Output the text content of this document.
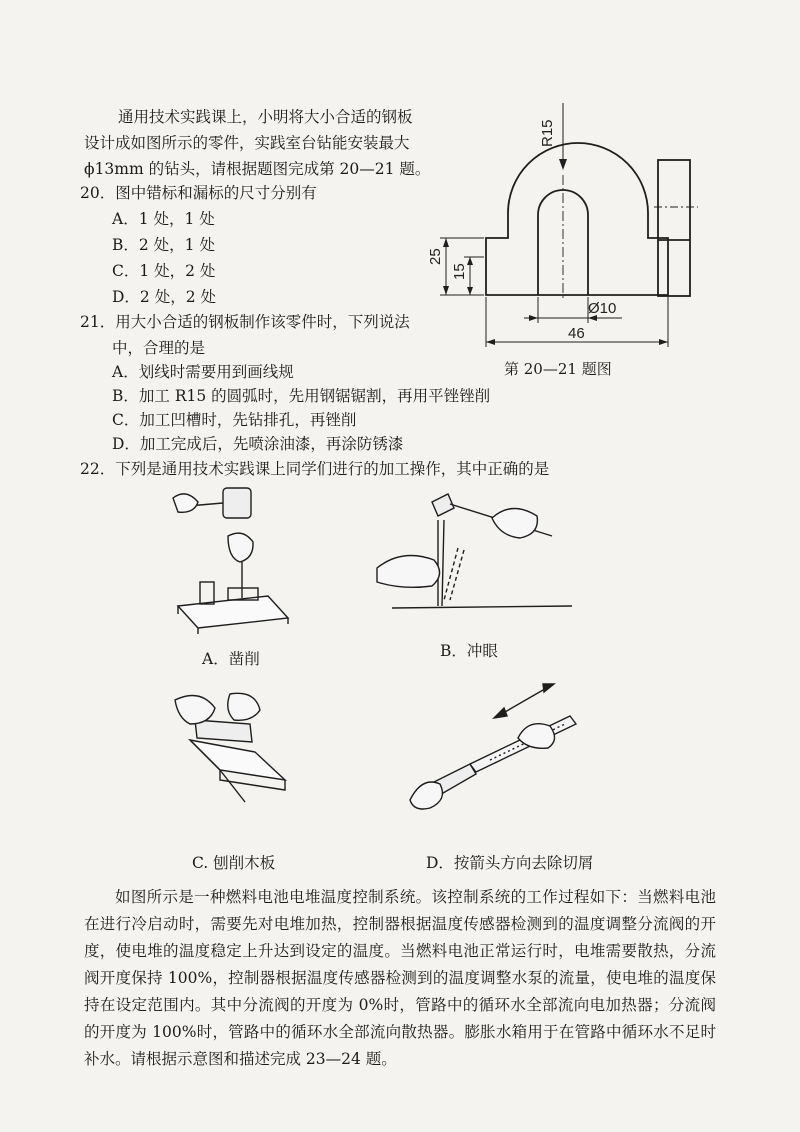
通用技术实践课上，小明将大小合适的钢板
设计成如图所示的零件，实践室台钻能安装最大
ϕ13mm 的钻头，请根据题图完成第 20—21 题。
20．图中错标和漏标的尺寸分别有
A．1 处，1 处
B．2 处，1 处
C．1 处，2 处
D．2 处，2 处
21．用大小合适的钢板制作该零件时，下列说法
中，合理的是
A．划线时需要用到画线规
B．加工 R15 的圆弧时，先用钢锯锯割，再用平锉锉削
C．加工凹槽时，先钻排孔，再锉削
D．加工完成后，先喷涂油漆，再涂防锈漆
R15
25
15
Ø10
46
第 20—21 题图
22．下列是通用技术实践课上同学们进行的加工操作，其中正确的是
A．凿削	B．冲眼
C. 刨削木板	D．按箭头方向去除切屑
如图所示是一种燃料电池电堆温度控制系统。该控制系统的工作过程如下：当燃料电池在进行冷启动时，需要先对电堆加热，控制器根据温度传感器检测到的温度调整分流阀的开度，使电堆的温度稳定上升达到设定的温度。当燃料电池正常运行时，电堆需要散热，分流阀开度保持 100%，控制器根据温度传感器检测到的温度调整水泵的流量，使电堆的温度保持在设定范围内。其中分流阀的开度为 0%时，管路中的循环水全部流向电加热器；分流阀的开度为 100%时，管路中的循环水全部流向散热器。膨胀水箱用于在管路中循环水不足时补水。请根据示意图和描述完成 23—24 题。
